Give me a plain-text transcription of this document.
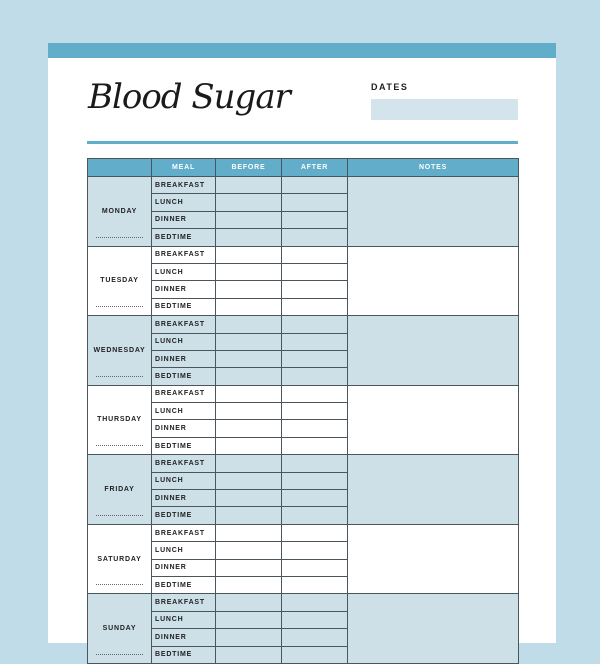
Blood Sugar	DATES
	MEAL	BEFORE	AFTER	NOTES
MONDAY	BREAKFAST			
	LUNCH			
	DINNER			
	BEDTIME			
TUESDAY	BREAKFAST			
	LUNCH			
	DINNER			
	BEDTIME			
WEDNESDAY	BREAKFAST			
	LUNCH			
	DINNER			
	BEDTIME			
THURSDAY	BREAKFAST			
	LUNCH			
	DINNER			
	BEDTIME			
FRIDAY	BREAKFAST			
	LUNCH			
	DINNER			
	BEDTIME			
SATURDAY	BREAKFAST			
	LUNCH			
	DINNER			
	BEDTIME			
SUNDAY	BREAKFAST			
	LUNCH			
	DINNER			
	BEDTIME			
